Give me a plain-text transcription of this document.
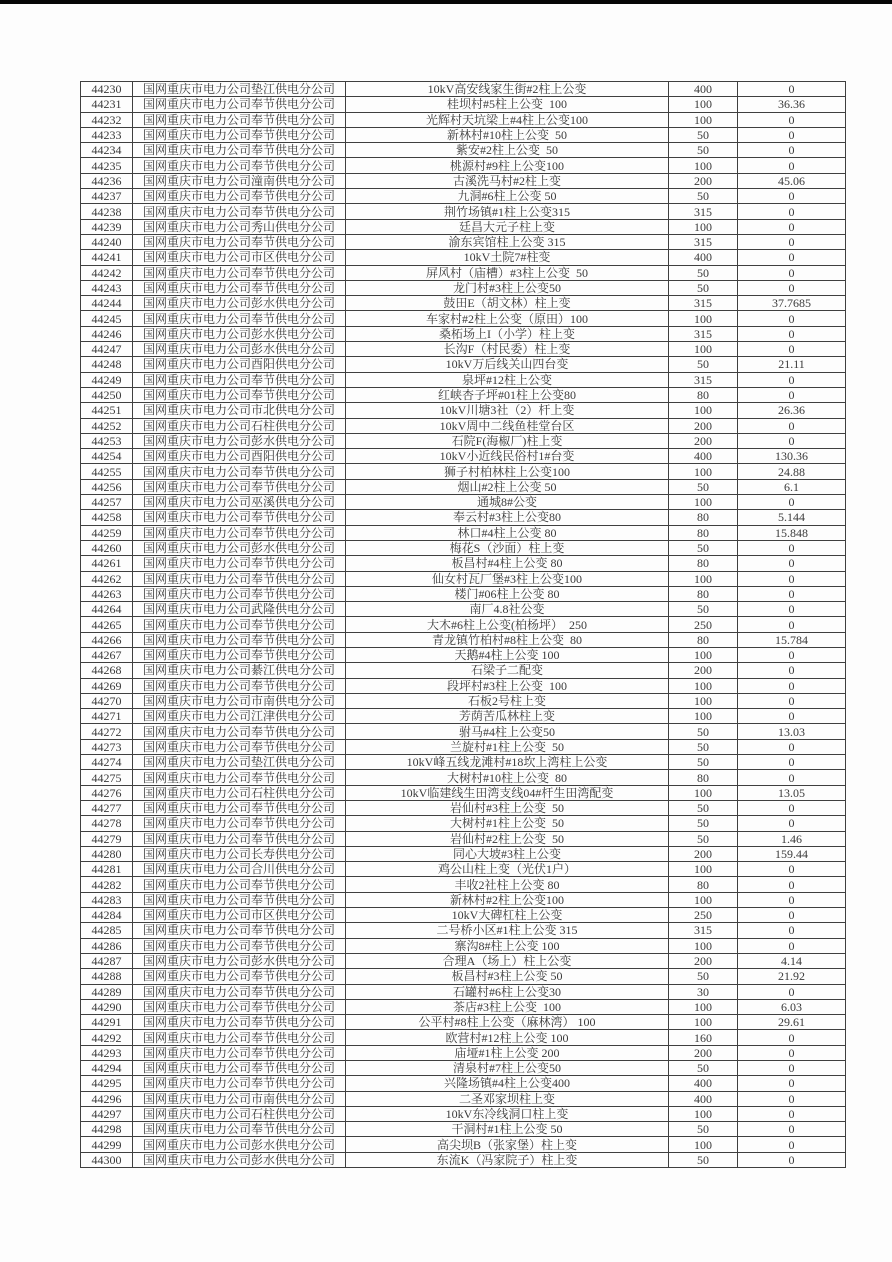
44230	国网重庆市电力公司垫江供电分公司	10kV高安线家生街#2柱上公变	400	0
44231	国网重庆市电力公司奉节供电分公司	桂坝村#5柱上公变  100	100	36.36
44232	国网重庆市电力公司奉节供电分公司	光辉村天坑梁上#4柱上公变100	100	0
44233	国网重庆市电力公司奉节供电分公司	新林村#10柱上公变  50	50	0
44234	国网重庆市电力公司奉节供电分公司	紫安#2柱上公变  50	50	0
44235	国网重庆市电力公司奉节供电分公司	桃源村#9柱上公变100	100	0
44236	国网重庆市电力公司潼南供电分公司	古溪洗马村#2柱上变	200	45.06
44237	国网重庆市电力公司奉节供电分公司	九洞#6柱上公变 50	50	0
44238	国网重庆市电力公司奉节供电分公司	荆竹场镇#1柱上公变315	315	0
44239	国网重庆市电力公司秀山供电分公司	廷昌大元子柱上变	100	0
44240	国网重庆市电力公司奉节供电分公司	渝东宾馆柱上公变 315	315	0
44241	国网重庆市电力公司市区供电分公司	10kV土院7#柱变	400	0
44242	国网重庆市电力公司奉节供电分公司	屏风村（庙槽）#3柱上公变  50	50	0
44243	国网重庆市电力公司奉节供电分公司	龙门村#3柱上公变50	50	0
44244	国网重庆市电力公司彭水供电分公司	鼓田E（胡文林）柱上变	315	37.7685
44245	国网重庆市电力公司奉节供电分公司	车家村#2柱上公变（原田）100	100	0
44246	国网重庆市电力公司彭水供电分公司	桑柘场上I（小学）柱上变	315	0
44247	国网重庆市电力公司彭水供电分公司	长沟F（村民委）柱上变	100	0
44248	国网重庆市电力公司酉阳供电分公司	10kV万后线关山四台变	50	21.11
44249	国网重庆市电力公司奉节供电分公司	泉坪#12柱上公变	315	0
44250	国网重庆市电力公司奉节供电分公司	红峡杏子坪#01柱上公变80	80	0
44251	国网重庆市电力公司市北供电分公司	10kV川塘3社（2）杆上变	100	26.36
44252	国网重庆市电力公司石柱供电分公司	10kV周中二线鱼桂堂台区	200	0
44253	国网重庆市电力公司彭水供电分公司	石院F(海椒厂)柱上变	200	0
44254	国网重庆市电力公司酉阳供电分公司	10kV小近线民俗村1#台变	400	130.36
44255	国网重庆市电力公司奉节供电分公司	狮子村柏林柱上公变100	100	24.88
44256	国网重庆市电力公司奉节供电分公司	烟山#2柱上公变 50	50	6.1
44257	国网重庆市电力公司巫溪供电分公司	通城8#公变	100	0
44258	国网重庆市电力公司奉节供电分公司	奉云村#3柱上公变80	80	5.144
44259	国网重庆市电力公司奉节供电分公司	林口#4柱上公变 80	80	15.848
44260	国网重庆市电力公司彭水供电分公司	梅花S（沙面）柱上变	50	0
44261	国网重庆市电力公司奉节供电分公司	板昌村#4柱上公变 80	80	0
44262	国网重庆市电力公司奉节供电分公司	仙女村瓦厂堡#3柱上公变100	100	0
44263	国网重庆市电力公司奉节供电分公司	楼门#06柱上公变 80	80	0
44264	国网重庆市电力公司武隆供电分公司	南厂4.8社公变	50	0
44265	国网重庆市电力公司奉节供电分公司	大木#6柱上公变(柏杨坪）  250	250	0
44266	国网重庆市电力公司奉节供电分公司	青龙镇竹柏村#8柱上公变  80	80	15.784
44267	国网重庆市电力公司奉节供电分公司	天鹅#4柱上公变 100	100	0
44268	国网重庆市电力公司綦江供电分公司	石梁子二配变	200	0
44269	国网重庆市电力公司奉节供电分公司	段坪村#3柱上公变  100	100	0
44270	国网重庆市电力公司市南供电分公司	石板2号柱上变	100	0
44271	国网重庆市电力公司江津供电分公司	芳荫苦瓜林柱上变	100	0
44272	国网重庆市电力公司奉节供电分公司	驸马#4柱上公变50	50	13.03
44273	国网重庆市电力公司奉节供电分公司	兰旋村#1柱上公变  50	50	0
44274	国网重庆市电力公司垫江供电分公司	10kV峰五线龙滩村#18坎上湾柱上公变	50	0
44275	国网重庆市电力公司奉节供电分公司	大树村#10柱上公变  80	80	0
44276	国网重庆市电力公司石柱供电分公司	10kV临建线生田湾支线04#杆生田湾配变	100	13.05
44277	国网重庆市电力公司奉节供电分公司	岩仙村#3柱上公变  50	50	0
44278	国网重庆市电力公司奉节供电分公司	大树村#1柱上公变  50	50	0
44279	国网重庆市电力公司奉节供电分公司	岩仙村#2柱上公变  50	50	1.46
44280	国网重庆市电力公司长寿供电分公司	同心大坡#3柱上公变	200	159.44
44281	国网重庆市电力公司合川供电分公司	鸡公山柱上变（光伏1户）	100	0
44282	国网重庆市电力公司奉节供电分公司	丰收2社柱上公变 80	80	0
44283	国网重庆市电力公司奉节供电分公司	新林村#2柱上公变100	100	0
44284	国网重庆市电力公司市区供电分公司	10kV大碑杠柱上公变	250	0
44285	国网重庆市电力公司奉节供电分公司	二号桥小区#1柱上公变 315	315	0
44286	国网重庆市电力公司奉节供电分公司	寨沟8#柱上公变 100	100	0
44287	国网重庆市电力公司彭水供电分公司	合理A（场上）柱上公变	200	4.14
44288	国网重庆市电力公司奉节供电分公司	板昌村#3柱上公变 50	50	21.92
44289	国网重庆市电力公司奉节供电分公司	石罐村#6柱上公变30	30	0
44290	国网重庆市电力公司奉节供电分公司	茶店#3柱上公变  100	100	6.03
44291	国网重庆市电力公司奉节供电分公司	公平村#8柱上公变（麻林湾） 100	100	29.61
44292	国网重庆市电力公司奉节供电分公司	欧营村#12柱上公变 100	160	0
44293	国网重庆市电力公司奉节供电分公司	庙垭#1柱上公变 200	200	0
44294	国网重庆市电力公司奉节供电分公司	清泉村#7柱上公变50	50	0
44295	国网重庆市电力公司奉节供电分公司	兴隆场镇#4柱上公变400	400	0
44296	国网重庆市电力公司市南供电分公司	二圣邓家坝柱上变	400	0
44297	国网重庆市电力公司石柱供电分公司	10kV东冷线洞口柱上变	100	0
44298	国网重庆市电力公司奉节供电分公司	干洞村#1柱上公变 50	50	0
44299	国网重庆市电力公司彭水供电分公司	高尖坝B（张家堡）柱上变	100	0
44300	国网重庆市电力公司彭水供电分公司	东流K（冯家院子）柱上变	50	0
